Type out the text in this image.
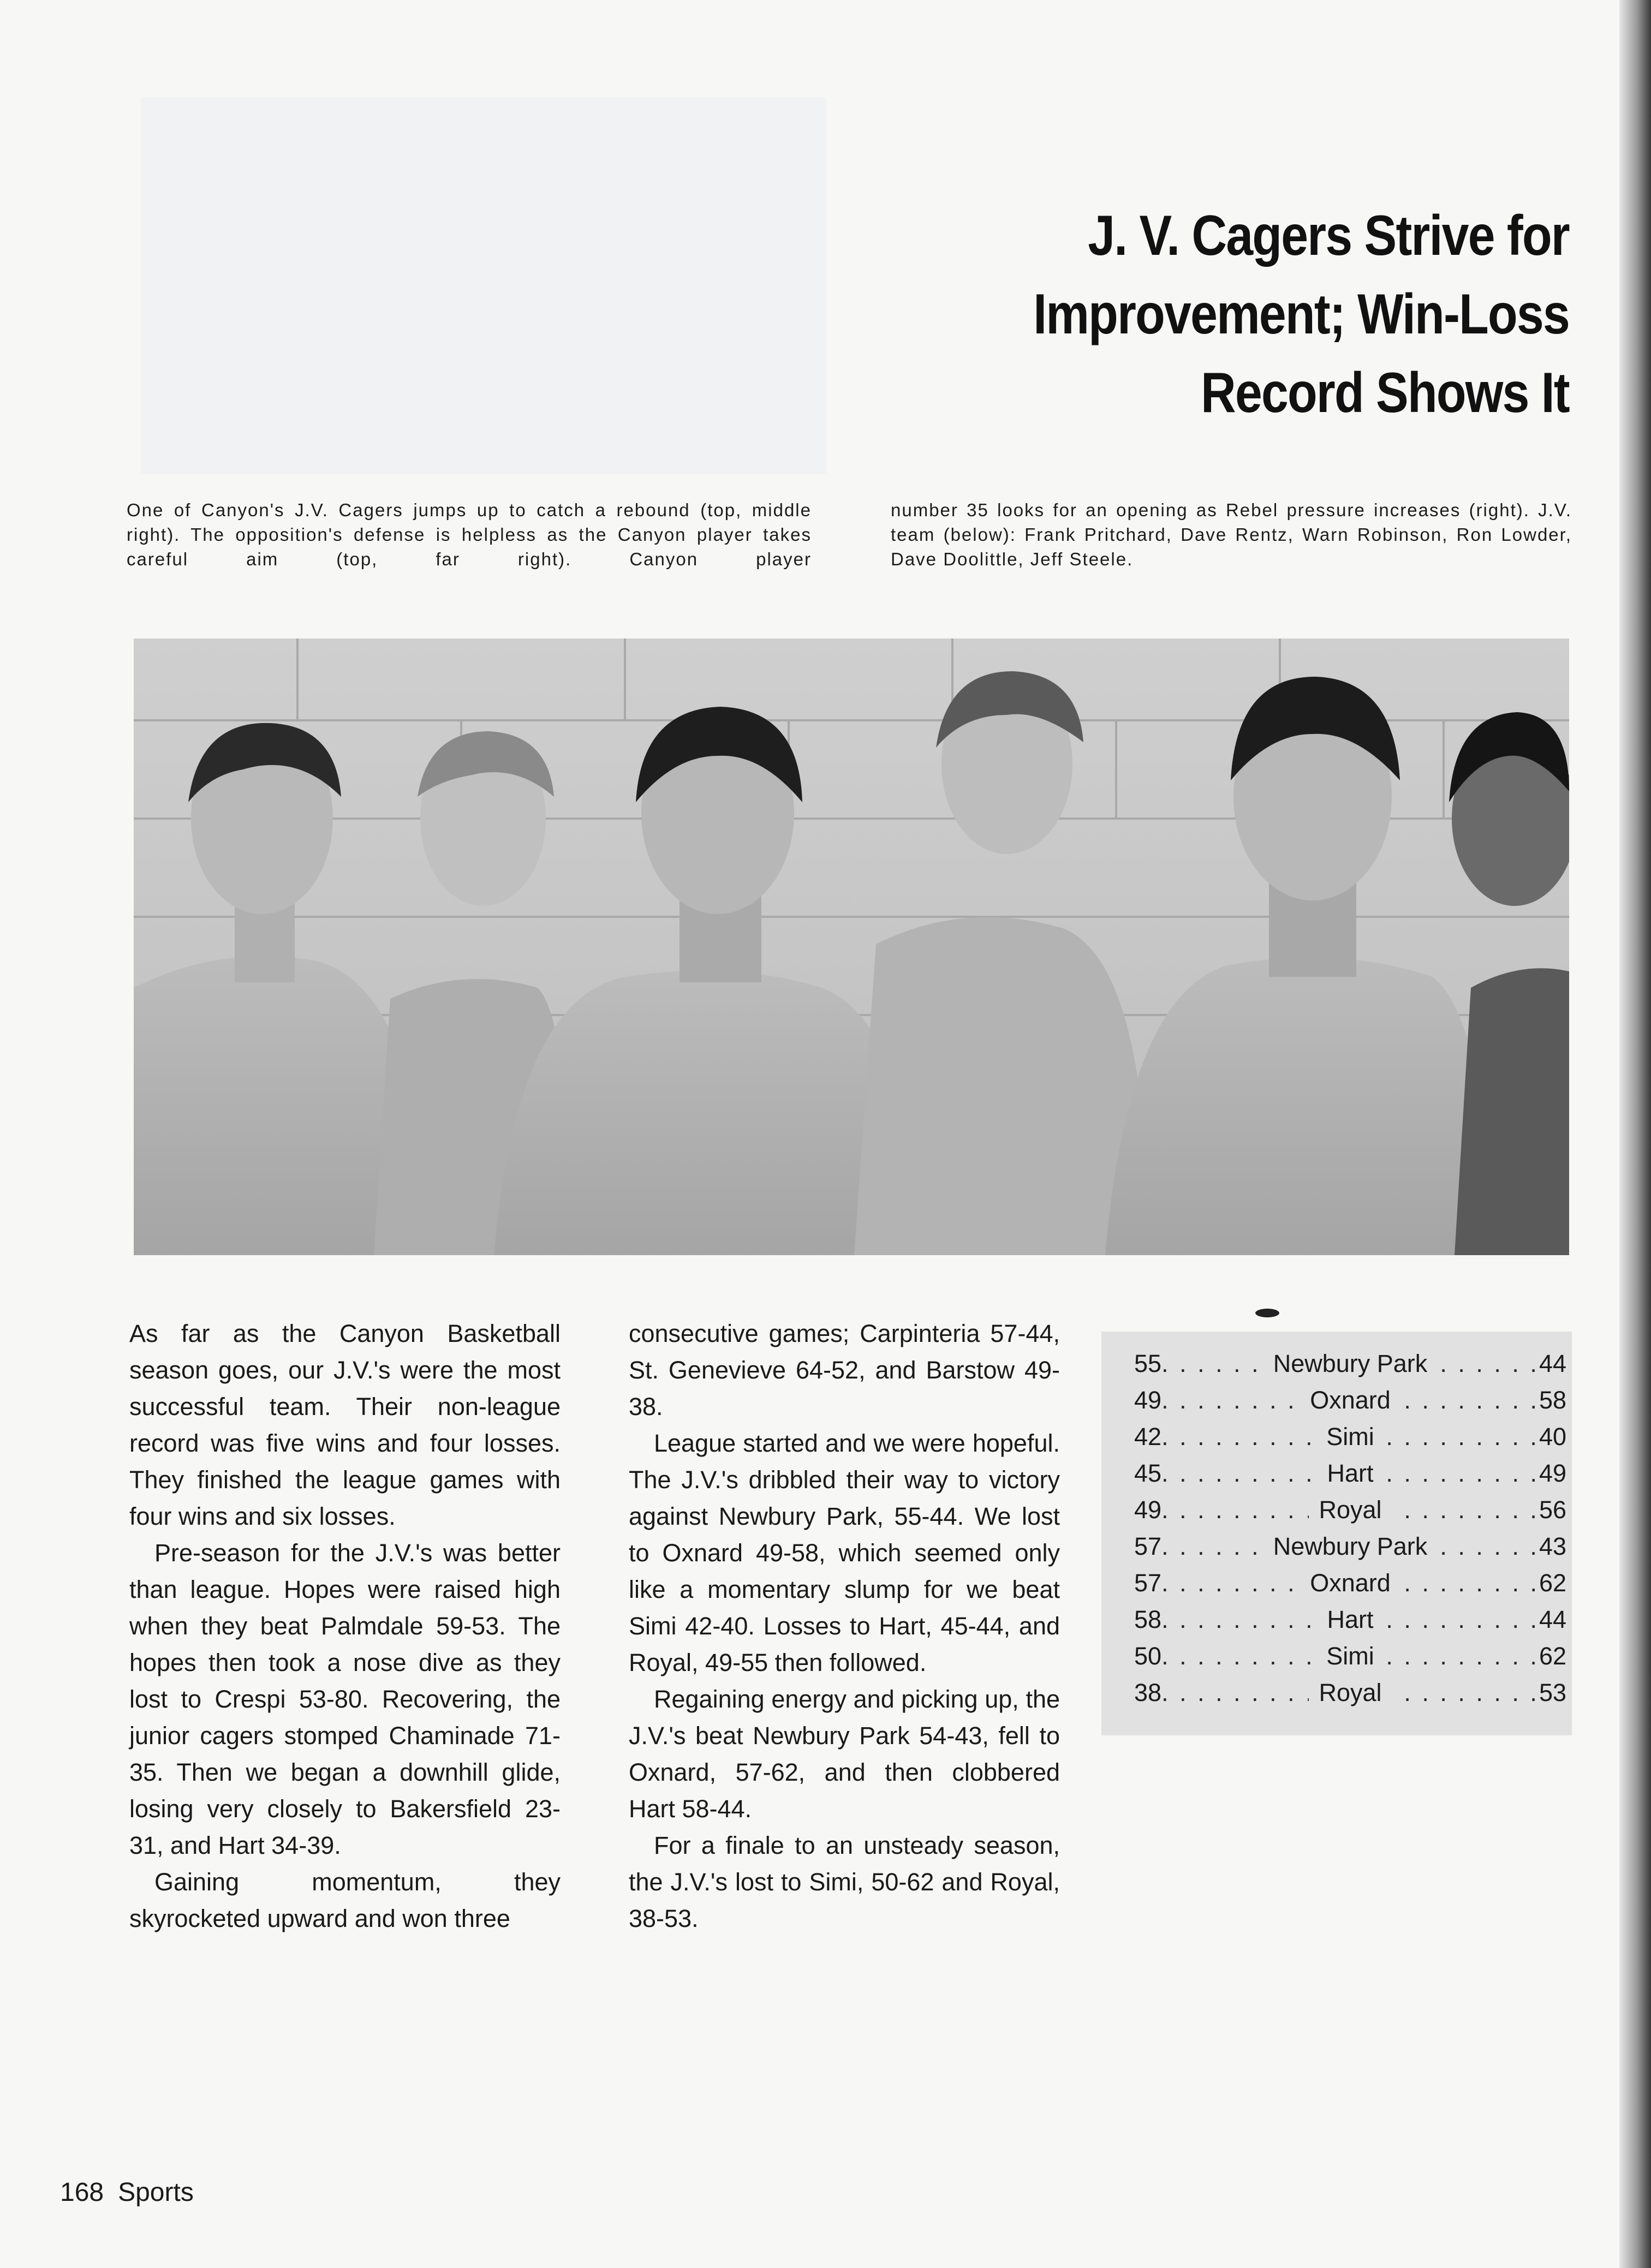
J. V. Cagers Strive for
Improvement; Win-Loss
Record Shows It

One of Canyon's J.V. Cagers jumps up to catch a rebound (top, middle right). The opposition's defense is helpless as the Canyon player takes careful aim (top, far right). Canyon player

number 35 looks for an opening as Rebel pressure increases (right). J.V. team (below): Frank Pritchard, Dave Rentz, Warn Robinson, Ron Lowder, Dave Doolittle, Jeff Steele.

As far as the Canyon Basketball season goes, our J.V.'s were the most successful team. Their non-league record was five wins and four losses. They finished the league games with four wins and six losses.

Pre-season for the J.V.'s was better than league. Hopes were raised high when they beat Palmdale 59-53. The hopes then took a nose dive as they lost to Crespi 53-80. Recovering, the junior cagers stomped Chaminade 71-35. Then we began a downhill glide, losing very closely to Bakersfield 23-31, and Hart 34-39.

Gaining momentum, they skyrocketed upward and won three

consecutive games; Carpinteria 57-44, St. Genevieve 64-52, and Barstow 49-38.

League started and we were hopeful. The J.V.'s dribbled their way to victory against Newbury Park, 55-44. We lost to Oxnard 49-58, which seemed only like a momentary slump for we beat Simi 42-40. Losses to Hart, 45-44, and Royal, 49-55 then followed.

Regaining energy and picking up, the J.V.'s beat Newbury Park 54-43, fell to Oxnard, 57-62, and then clobbered Hart 58-44.

For a finale to an unsteady season, the J.V.'s lost to Simi, 50-62 and Royal, 38-53.

55 . . .	Newbury Park . . .	44
49 . . .	Oxnard . . .	58
42 . . .	Simi . . .	40
45 . . .	Hart . . .	49
49 . . .	Royal . . .	56
57 . . .	Newbury Park . . .	43
57 . . .	Oxnard . . .	62
58 . . .	Hart . . .	44
50 . . .	Simi . . .	62
38 . . .	Royal . . .	53
168 Sports
